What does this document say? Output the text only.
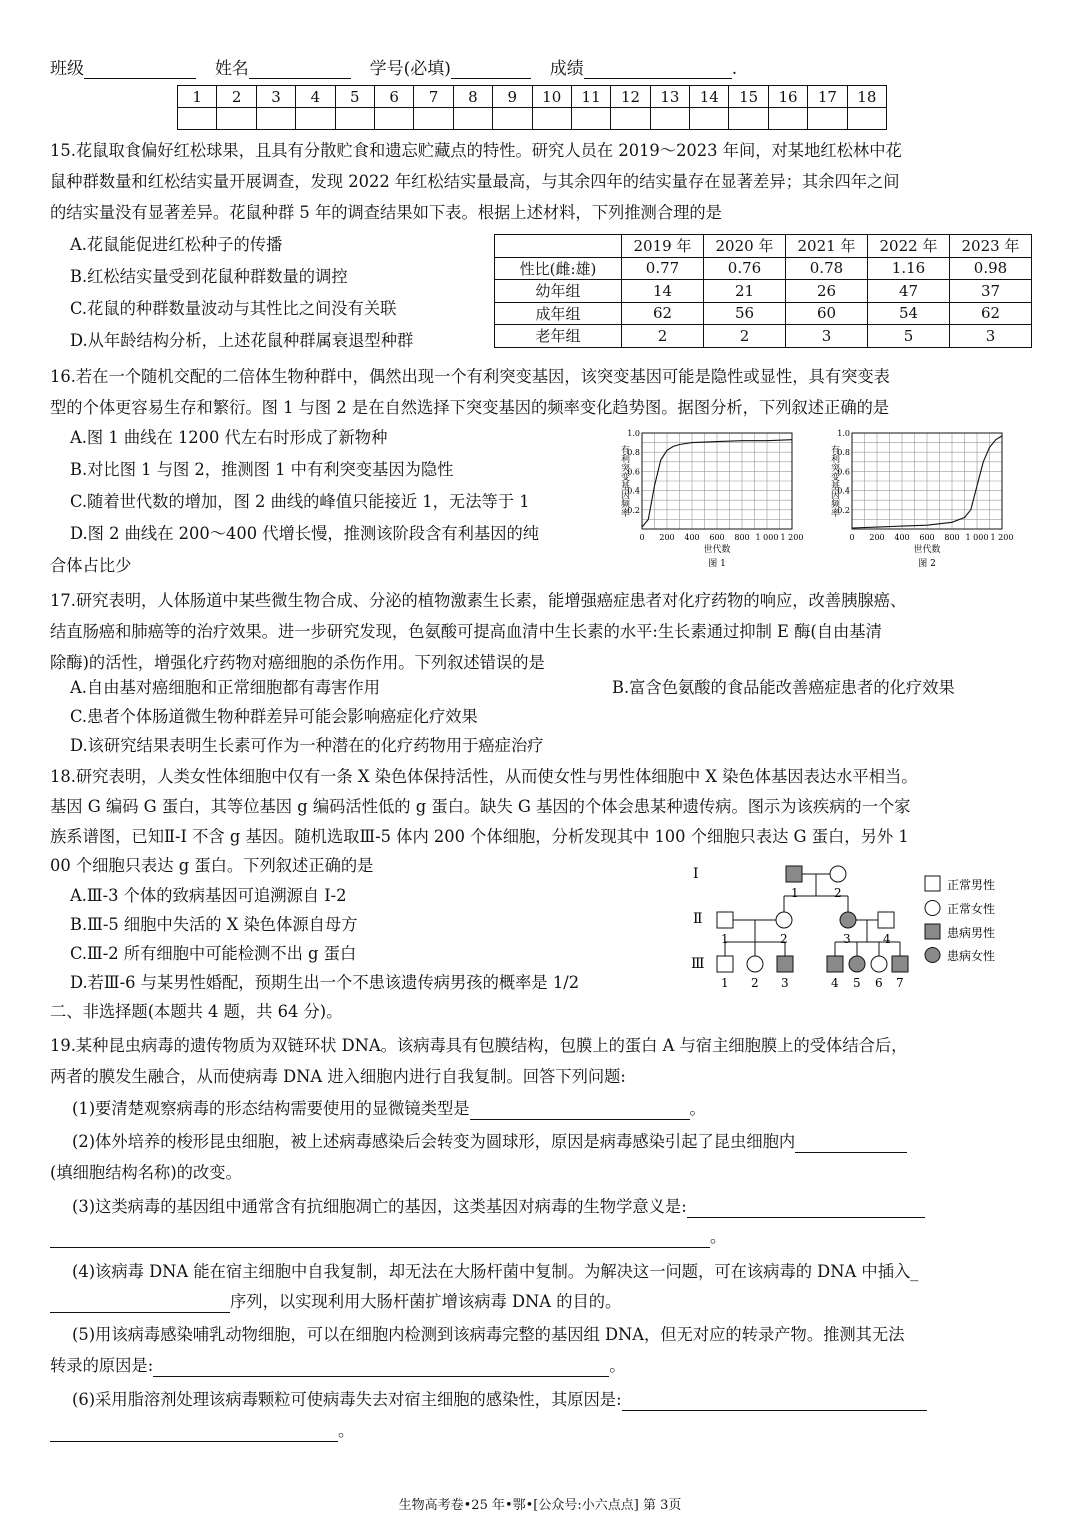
班级	姓名	学号(必填)	成绩	.
1	2	3	4	5	6	7	8	9	10	11	12	13	14	15	16	17	18

15.花鼠取食偏好红松球果，且具有分散贮食和遗忘贮藏点的特性。研究人员在 2019～2023 年间，对某地红松林中花
鼠种群数量和红松结实量开展调查，发现 2022 年红松结实量最高，与其余四年的结实量存在显著差异；其余四年之间
的结实量没有显著差异。花鼠种群 5 年的调查结果如下表。根据上述材料，下列推测合理的是
A.花鼠能促进红松种子的传播
B.红松结实量受到花鼠种群数量的调控
C.花鼠的种群数量波动与其性比之间没有关联
D.从年龄结构分析，上述花鼠种群属衰退型种群
	2019 年	2020 年	2021 年	2022 年	2023 年
性比(雌:雄)	0.77	0.76	0.78	1.16	0.98
幼年组	14	21	26	47	37
成年组	62	56	60	54	62
老年组	2	2	3	5	3
16.若在一个随机交配的二倍体生物种群中，偶然出现一个有利突变基因，该突变基因可能是隐性或显性，具有突变表
型的个体更容易生存和繁衍。图 1 与图 2 是在自然选择下突变基因的频率变化趋势图。据图分析，下列叙述正确的是
A.图 1 曲线在 1200 代左右时形成了新物种
B.对比图 1 与图 2，推测图 1 中有利突变基因为隐性
C.随着世代数的增加，图 2 曲线的峰值只能接近 1，无法等于 1
D.图 2 曲线在 200～400 代增长慢，推测该阶段含有利基因的纯
合体占比少
0.2
0.4
0.6
0.8
1.0
0 200 400 600 800 1 000 1 200
有利突变基因频率
世代数
图 1
0.2
0.4
0.6
0.8
1.0
0 200 400 600 800 1 000 1 200
有利突变基因频率
世代数
图 2
17.研究表明，人体肠道中某些微生物合成、分泌的植物激素生长素，能增强癌症患者对化疗药物的响应，改善胰腺癌、
结直肠癌和肺癌等的治疗效果。进一步研究发现，色氨酸可提高血清中生长素的水平:生长素通过抑制 E 酶(自由基清
除酶)的活性，增强化疗药物对癌细胞的杀伤作用。下列叙述错误的是
A.自由基对癌细胞和正常细胞都有毒害作用	B.富含色氨酸的食品能改善癌症患者的化疗效果
C.患者个体肠道微生物种群差异可能会影响癌症化疗效果
D.该研究结果表明生长素可作为一种潜在的化疗药物用于癌症治疗
18.研究表明，人类女性体细胞中仅有一条 X 染色体保持活性，从而使女性与男性体细胞中 X 染色体基因表达水平相当。
基因 G 编码 G 蛋白，其等位基因 g 编码活性低的 g 蛋白。缺失 G 基因的个体会患某种遗传病。图示为该疾病的一个家
族系谱图，已知Ⅱ-I 不含 g 基因。随机选取Ⅲ-5 体内 200 个体细胞，分析发现其中 100 个细胞只表达 G 蛋白，另外 1
00 个细胞只表达 g 蛋白。下列叙述正确的是
A.Ⅲ-3 个体的致病基因可追溯源自 I-2
B.Ⅲ-5 细胞中失活的 X 染色体源自母方
C.Ⅲ-2 所有细胞中可能检测不出 g 蛋白
D.若Ⅲ-6 与某男性婚配，预期生出一个不患该遗传病男孩的概率是 1/2
Ⅰ
Ⅱ
Ⅲ
1	2
1	2	3	4
1 2 3	4 5 6 7
正常男性
正常女性
患病男性
患病女性
二、非选择题(本题共 4 题，共 64 分)。
19.某种昆虫病毒的遗传物质为双链环状 DNA。该病毒具有包膜结构，包膜上的蛋白 A 与宿主细胞膜上的受体结合后，
两者的膜发生融合，从而使病毒 DNA 进入细胞内进行自我复制。回答下列问题:
(1)要清楚观察病毒的形态结构需要使用的显微镜类型是	。
(2)体外培养的梭形昆虫细胞，被上述病毒感染后会转变为圆球形，原因是病毒感染引起了昆虫细胞内
(填细胞结构名称)的改变。
(3)这类病毒的基因组中通常含有抗细胞凋亡的基因，这类基因对病毒的生物学意义是:
。
(4)该病毒 DNA 能在宿主细胞中自我复制，却无法在大肠杆菌中复制。为解决这一问题，可在该病毒的 DNA 中插入_
序列，以实现利用大肠杆菌扩增该病毒 DNA 的目的。
(5)用该病毒感染哺乳动物细胞，可以在细胞内检测到该病毒完整的基因组 DNA，但无对应的转录产物。推测其无法
转录的原因是:	。
(6)采用脂溶剂处理该病毒颗粒可使病毒失去对宿主细胞的感染性，其原因是:
。
生物高考卷•25 年•鄂•[公众号:小六点点] 第 3页
